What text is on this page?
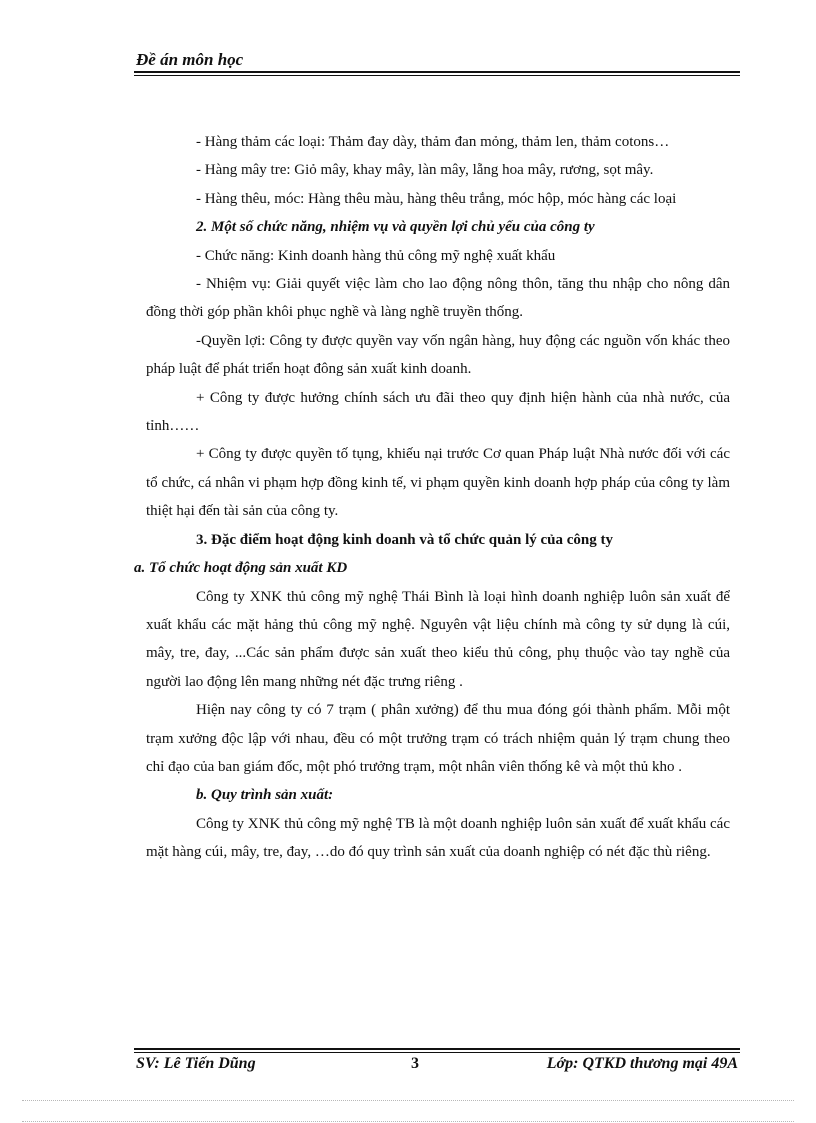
Đề án môn học

- Hàng thảm các loại: Thảm đay dày, thảm đan mỏng, thảm len, thảm cotons…

- Hàng mây tre: Giỏ mây, khay mây, làn mây, lẵng hoa mây, rương, sọt mây.

- Hàng thêu, móc: Hàng thêu màu, hàng thêu trắng, móc hộp, móc hàng các loại

2. Một số chức năng, nhiệm vụ và quyền lợi chủ yếu của công ty

- Chức năng: Kinh doanh hàng thủ công mỹ nghệ xuất khẩu

- Nhiệm vụ: Giải quyết việc làm cho lao động nông thôn, tăng thu nhập cho nông dân đồng thời góp phần khôi phục nghề và làng nghề truyền thống.

-Quyền lợi: Công ty được quyền vay vốn ngân hàng, huy động các nguồn vốn khác theo pháp luật để phát triển hoạt đông sản xuất kinh doanh.

+ Công ty được hưởng chính sách ưu đãi theo quy định hiện hành của nhà nước, của tỉnh……

+ Công ty được quyền tố tụng, khiếu nại trước Cơ quan Pháp luật Nhà nước đối với các tổ chức, cá nhân vi phạm hợp đồng kinh tế, vi phạm quyền kinh doanh hợp pháp của công ty làm thiệt hại đến tài sản của công ty.

3. Đặc điểm hoạt động kinh doanh và tổ chức quản lý của công ty

a. Tổ chức hoạt động sản xuất KD

Công ty XNK thủ công mỹ nghệ Thái Bình là loại hình doanh nghiệp luôn sản xuất để xuất khẩu các mặt hảng thủ công mỹ nghệ. Nguyên vật liệu chính mà công ty sử dụng là cúi, mây, tre, đay, ...Các sản phẩm được sản xuất theo kiểu thủ công, phụ thuộc vào tay nghề của người lao động lên mang những nét đặc trưng riêng .

Hiện nay công ty có 7 trạm ( phân xưởng) để thu mua đóng gói thành phẩm. Mỗi một trạm xưởng độc lập với nhau, đều có một trưởng trạm có trách nhiệm quản lý trạm chung theo chỉ đạo của ban giám đốc, một phó trưởng trạm, một nhân viên thống kê và một thủ kho .

b. Quy trình sản xuất:

Công ty XNK thủ công mỹ nghệ TB là một doanh nghiệp luôn sản xuất để xuất khẩu các mặt hàng cúi, mây, tre, đay, …do đó quy trình sản xuất của doanh nghiệp có nét đặc thù riêng.

SV: Lê Tiến Dũng	3	Lớp: QTKD thương mại 49A
